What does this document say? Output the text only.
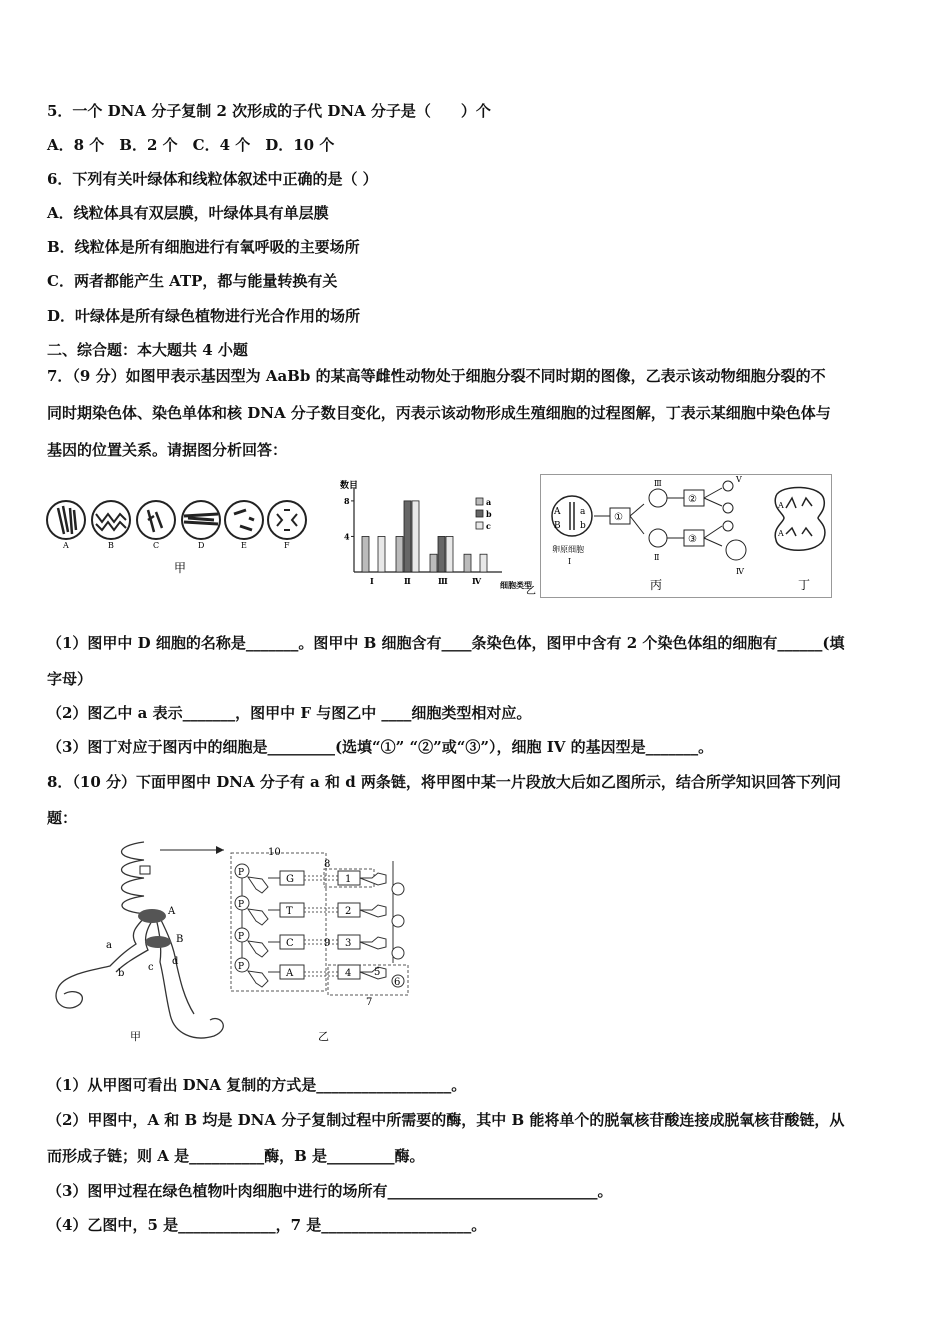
5．一个 DNA 分子复制 2 次形成的子代 DNA 分子是（　　）个
A．8 个　B．2 个　C．4 个　D．10 个
6．下列有关叶绿体和线粒体叙述中正确的是（ ）
A．线粒体具有双层膜，叶绿体具有单层膜
B．线粒体是所有细胞进行有氧呼吸的主要场所
C．两者都能产生 ATP，都与能量转换有关
D．叶绿体是所有绿色植物进行光合作用的场所
二、综合题：本大题共 4 小题
7．（9 分）如图甲表示基因型为 AaBb 的某高等雌性动物处于细胞分裂不同时期的图像，乙表示该动物细胞分裂的不
同时期染色体、染色单体和核 DNA 分子数目变化，丙表示该动物形成生殖细胞的过程图解，丁表示某细胞中染色体与
基因的位置关系。请据图分析回答：
A	B	C	D	E	F
甲
数目
细胞类型
乙
4
8
Ⅰ	Ⅱ	Ⅲ	Ⅳ
a
b
c
A a
B b
卵原细胞
Ⅰ
①
Ⅲ
Ⅱ
②
③
Ⅴ
Ⅳ
丙
A
A
丁
（1）图甲中 D 细胞的名称是_______。图甲中 B 细胞含有____条染色体，图甲中含有 2 个染色体组的细胞有______(填
字母）
（2）图乙中 a 表示_______，图甲中 F 与图乙中 ____细胞类型相对应。
（3）图丁对应于图丙中的细胞是_________(选填“①” “②”或“③”），细胞 IV 的基因型是_______。
8．（10 分）下面甲图中 DNA 分子有 a 和 d 两条链，将甲图中某一片段放大后如乙图所示，结合所学知识回答下列问
题：
A
B
a
b
c
d
甲
10
7
P
P
P
P
G
T
C
A
8
1
2
9 3
4 5
6
乙
（1）从甲图可看出 DNA 复制的方式是__________________。
（2）甲图中，A 和 B 均是 DNA 分子复制过程中所需要的酶，其中 B 能将单个的脱氧核苷酸连接成脱氧核苷酸链，从
而形成子链；则 A 是__________酶，B 是_________酶。
（3）图甲过程在绿色植物叶肉细胞中进行的场所有____________________________。
（4）乙图中，5 是_____________，7 是____________________。
